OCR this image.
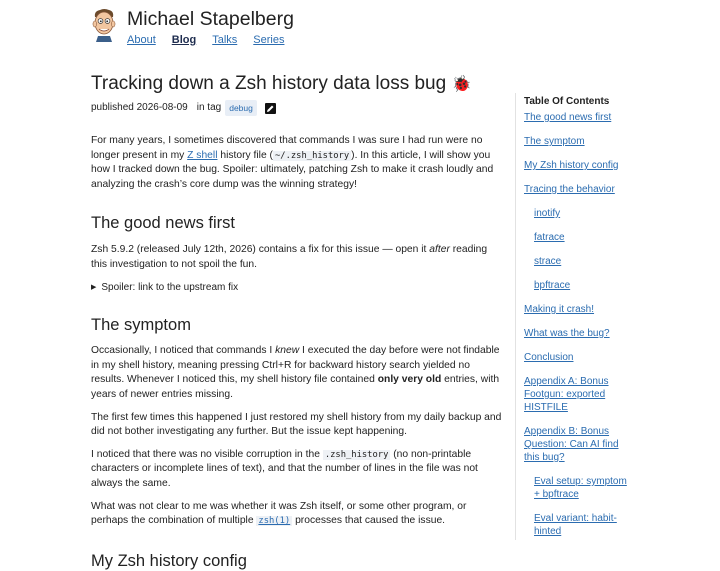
Michael Stapelberg
About Blog Talks Series
Tracking down a Zsh history data loss bug 🐞
published 2026-08-09 in tag debug

For many years, I sometimes discovered that commands I was sure I had run were no longer present in my Z shell history file ( ~/.zsh_history ). In this article, I will show you how I tracked down the bug. Spoiler: ultimately, patching Zsh to make it crash loudly and analyzing the crash’s core dump was the winning strategy!

The good news first

Zsh 5.9.2 (released July 12th, 2026) contains a fix for this issue — open it after reading this investigation to not spoil the fun.

▶ Spoiler: link to the upstream fix
The symptom

Occasionally, I noticed that commands I knew I executed the day before were not findable in my shell history, meaning pressing Ctrl+R for backward history search yielded no results. Whenever I noticed this, my shell history file contained only very old entries, with years of newer entries missing.

The first few times this happened I just restored my shell history from my daily backup and did not bother investigating any further. But the issue kept happening.

I noticed that there was no visible corruption in the .zsh_history (no non-printable characters or incomplete lines of text), and that the number of lines in the file was not always the same.

What was not clear to me was whether it was Zsh itself, or some other program, or perhaps the combination of multiple zsh(1) processes that caused the issue.

My Zsh history config
Table Of Contents
The good news first
The symptom
My Zsh history config
Tracing the behavior
inotify
fatrace
strace
bpftrace
Making it crash!
What was the bug?
Conclusion
Appendix A: Bonus Footgun: exported HISTFILE
Appendix B: Bonus Question: Can AI find this bug?
Eval setup: symptom + bpftrace
Eval variant: habit-hinted
